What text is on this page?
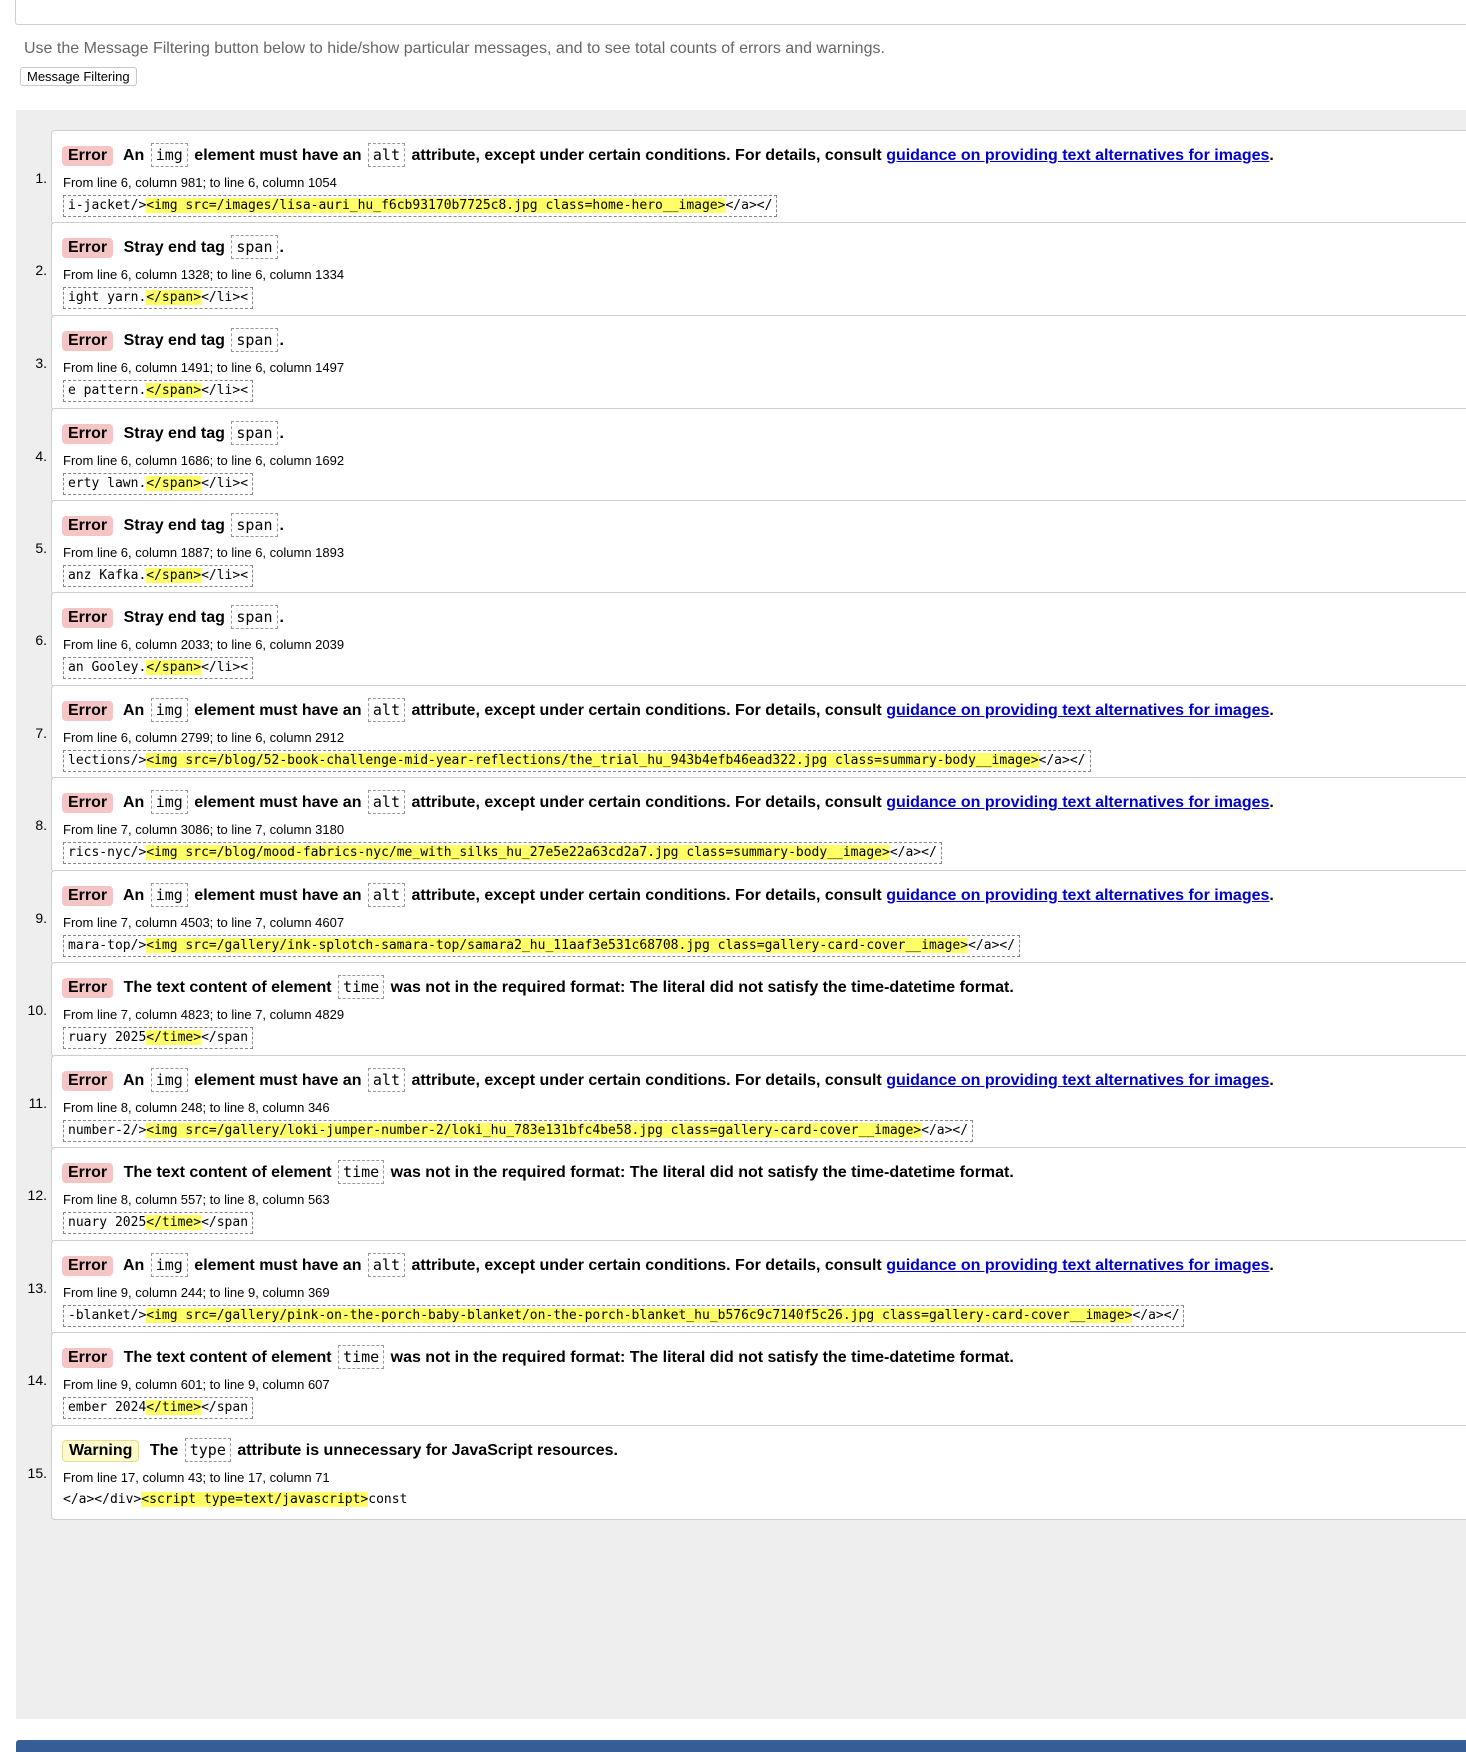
Use the Message Filtering button below to hide/show particular messages, and to see total counts of errors and warnings.
Message Filtering
1.
Error An img element must have an alt attribute, except under certain conditions. For details, consult guidance on providing text alternatives for images.
From line 6, column 981; to line 6, column 1054
i-jacket/><img src=/images/lisa-auri_hu_f6cb93170b7725c8.jpg class=home-hero__image></a></
2.
Error Stray end tag span .
From line 6, column 1328; to line 6, column 1334
ight yarn.</span></li><
3.
Error Stray end tag span .
From line 6, column 1491; to line 6, column 1497
e pattern.</span></li><
4.
Error Stray end tag span .
From line 6, column 1686; to line 6, column 1692
erty lawn.</span></li><
5.
Error Stray end tag span .
From line 6, column 1887; to line 6, column 1893
anz Kafka.</span></li><
6.
Error Stray end tag span .
From line 6, column 2033; to line 6, column 2039
an Gooley.</span></li><
7.
Error An img element must have an alt attribute, except under certain conditions. For details, consult guidance on providing text alternatives for images.
From line 6, column 2799; to line 6, column 2912
lections/><img src=/blog/52-book-challenge-mid-year-reflections/the_trial_hu_943b4efb46ead322.jpg class=summary-body__image></a></
8.
Error An img element must have an alt attribute, except under certain conditions. For details, consult guidance on providing text alternatives for images.
From line 7, column 3086; to line 7, column 3180
rics-nyc/><img src=/blog/mood-fabrics-nyc/me_with_silks_hu_27e5e22a63cd2a7.jpg class=summary-body__image></a></
9.
Error An img element must have an alt attribute, except under certain conditions. For details, consult guidance on providing text alternatives for images.
From line 7, column 4503; to line 7, column 4607
mara-top/><img src=/gallery/ink-splotch-samara-top/samara2_hu_11aaf3e531c68708.jpg class=gallery-card-cover__image></a></
10.
Error The text content of element time was not in the required format: The literal did not satisfy the time-datetime format.
From line 7, column 4823; to line 7, column 4829
ruary 2025</time></span
11.
Error An img element must have an alt attribute, except under certain conditions. For details, consult guidance on providing text alternatives for images.
From line 8, column 248; to line 8, column 346
number-2/><img src=/gallery/loki-jumper-number-2/loki_hu_783e131bfc4be58.jpg class=gallery-card-cover__image></a></
12.
Error The text content of element time was not in the required format: The literal did not satisfy the time-datetime format.
From line 8, column 557; to line 8, column 563
nuary 2025</time></span
13.
Error An img element must have an alt attribute, except under certain conditions. For details, consult guidance on providing text alternatives for images.
From line 9, column 244; to line 9, column 369
-blanket/><img src=/gallery/pink-on-the-porch-baby-blanket/on-the-porch-blanket_hu_b576c9c7140f5c26.jpg class=gallery-card-cover__image></a></
14.
Error The text content of element time was not in the required format: The literal did not satisfy the time-datetime format.
From line 9, column 601; to line 9, column 607
ember 2024</time></span
15.
Warning The type attribute is unnecessary for JavaScript resources.
From line 17, column 43; to line 17, column 71
</a></div><script type=text/javascript>const
